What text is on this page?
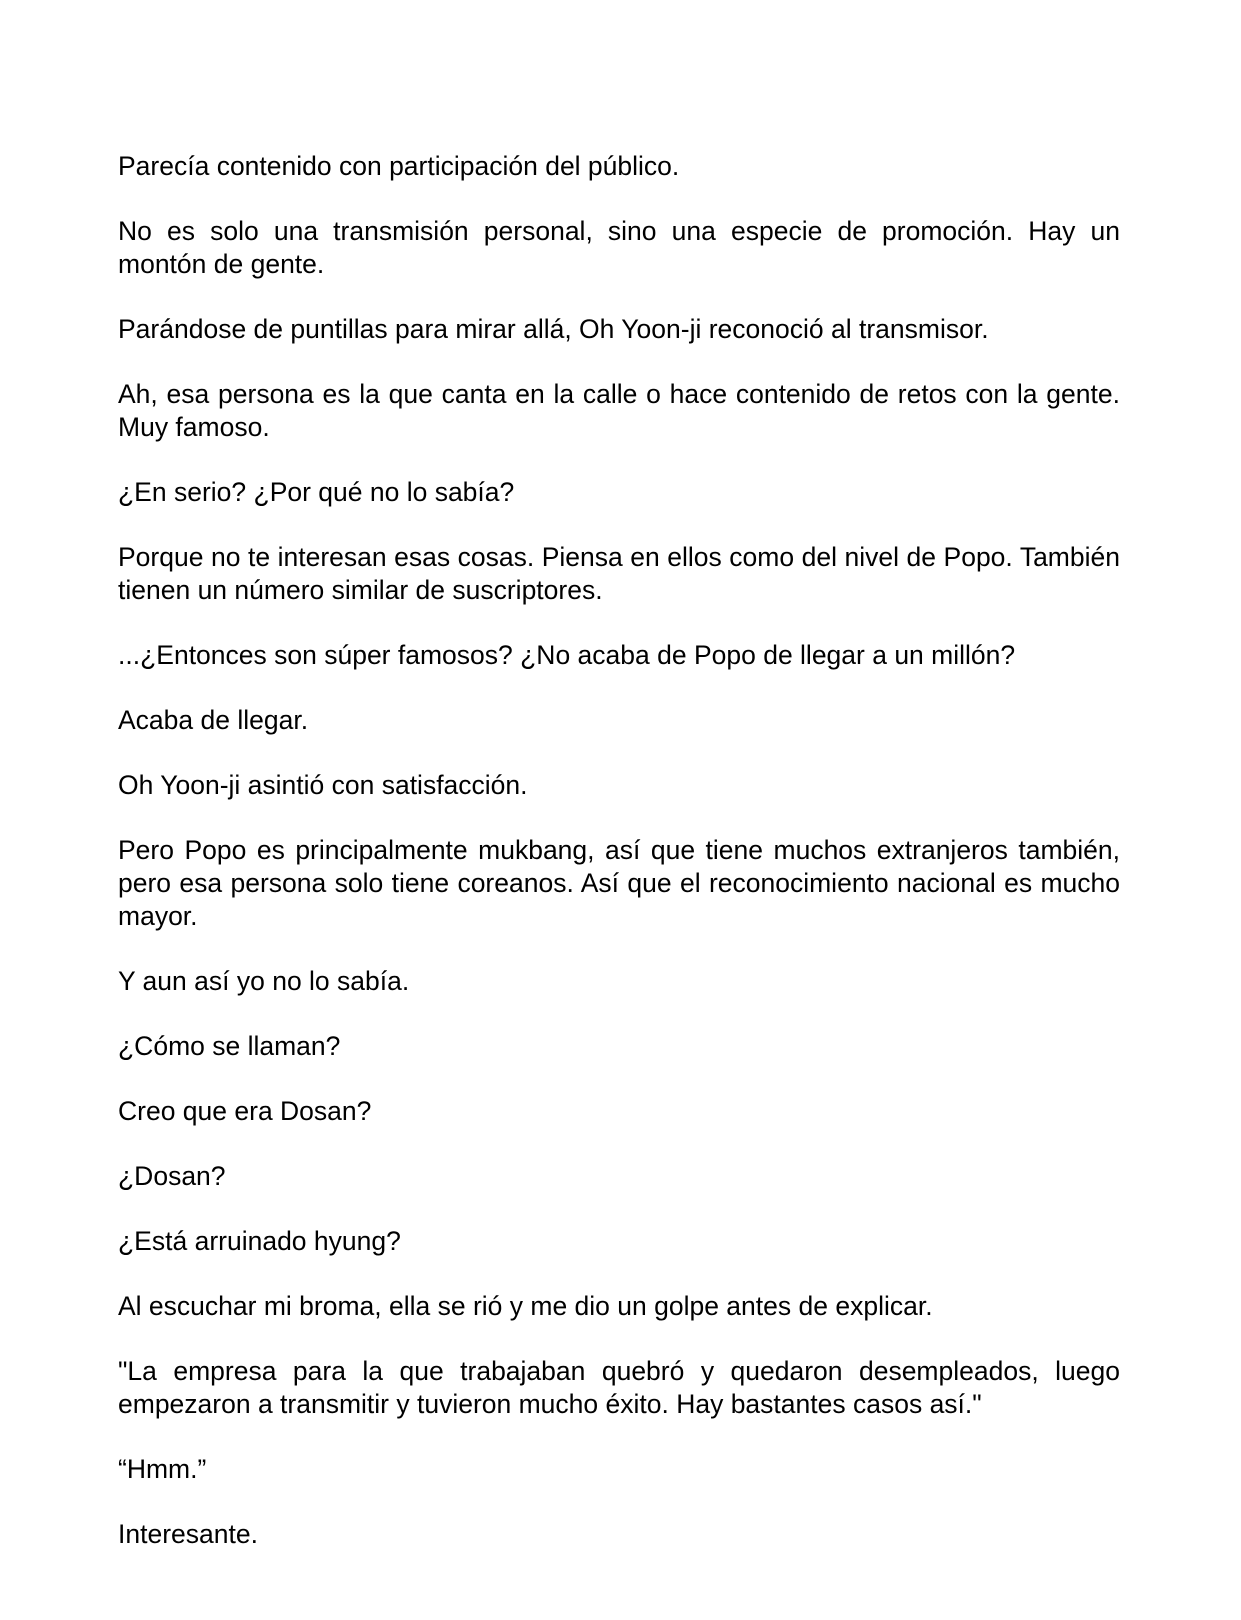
Parecía contenido con participación del público.

No es solo una transmisión personal, sino una especie de promoción. Hay un montón de gente.

Parándose de puntillas para mirar allá, Oh Yoon-ji reconoció al transmisor.

Ah, esa persona es la que canta en la calle o hace contenido de retos con la gente. Muy famoso.

¿En serio? ¿Por qué no lo sabía?

Porque no te interesan esas cosas. Piensa en ellos como del nivel de Popo. También tienen un número similar de suscriptores.

...¿Entonces son súper famosos? ¿No acaba de Popo de llegar a un millón?

Acaba de llegar.

Oh Yoon-ji asintió con satisfacción.

Pero Popo es principalmente mukbang, así que tiene muchos extranjeros también, pero esa persona solo tiene coreanos. Así que el reconocimiento nacional es mucho mayor.

Y aun así yo no lo sabía.

¿Cómo se llaman?

Creo que era Dosan?

¿Dosan?

¿Está arruinado hyung?

Al escuchar mi broma, ella se rió y me dio un golpe antes de explicar.

"La empresa para la que trabajaban quebró y quedaron desempleados, luego empezaron a transmitir y tuvieron mucho éxito. Hay bastantes casos así."

“Hmm.”

Interesante.
